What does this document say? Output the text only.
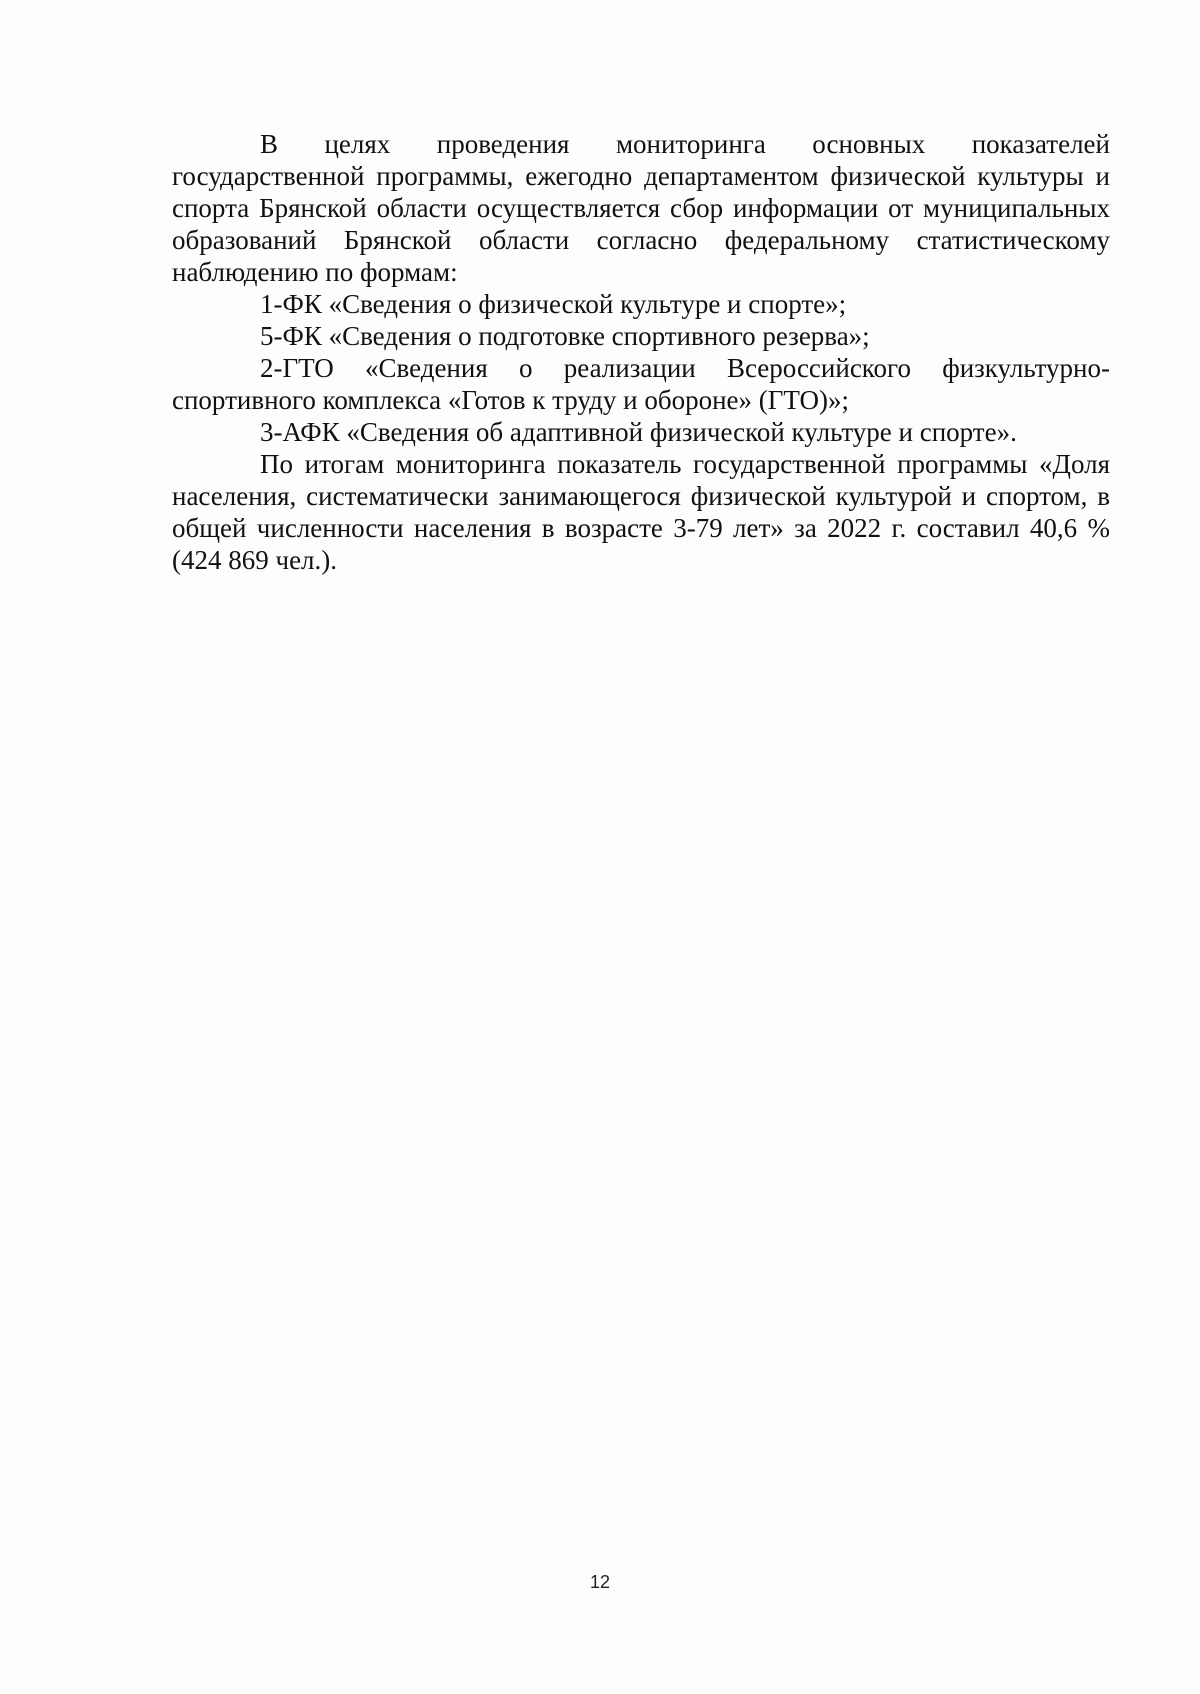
В целях проведения мониторинга основных показателей государственной программы, ежегодно департаментом физической культуры и спорта Брянской области осуществляется сбор информации от муниципальных образований Брянской области согласно федеральному статистическому наблюдению по формам:

1-ФК «Сведения о физической культуре и спорте»;

5-ФК «Сведения о подготовке спортивного резерва»;

2-ГТО «Сведения о реализации Всероссийского физкультурно-спортивного комплекса «Готов к труду и обороне» (ГТО)»;

3-АФК «Сведения об адаптивной физической культуре и спорте».

По итогам мониторинга показатель государственной программы «Доля населения, систематически занимающегося физической культурой и спортом, в общей численности населения в возрасте 3-79 лет» за 2022 г. составил 40,6 % (424 869 чел.).

12
